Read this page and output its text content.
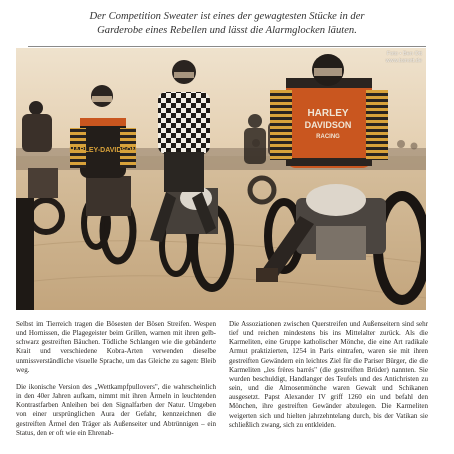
Der Competition Sweater ist eines der gewagtesten Stücke in der
Garderobe eines Rebellen und lässt die Alarmglocken läuten.

HARLEY-DAVIDSON
HARLEY
DAVIDSON
RACING
Foto • Ben Ott
www.bsnott.de

Selbst im Tierreich tragen die Bösesten der Bösen Streifen. Wespen und Hornissen, die Plagegeister beim Grillen, warnen mit ihren gelb-schwarz gestreiften Bäuchen. Tödliche Schlangen wie die gebänderte Krait und verschiedene Kobra-Arten verwenden dieselbe unmissverständliche visuelle Sprache, um das Gleiche zu sagen: Bleib weg.

Die ikonische Version des „Wettkampfpullovers", die wahrscheinlich in den 40er Jahren aufkam, nimmt mit ihren Ärmeln in leuchtenden Kontrastfarben Anleihen bei den Signalfarben der Natur. Umgeben von einer ursprünglichen Aura der Gefahr, kennzeichnen die gestreiften Ärmel den Träger als Außenseiter und Abtrünnigen – ein Status, den er oft wie ein Ehrenab-

Die Assoziationen zwischen Querstreifen und Außenseitern sind sehr tief und reichen mindestens bis ins Mittelalter zurück. Als die Karmeliten, eine Gruppe katholischer Mönche, die eine Art radikale Armut praktizierten, 1254 in Paris eintrafen, waren sie mit ihren gestreiften Gewändern ein leichtes Ziel für die Pariser Bürger, die die Karmeliten „les frères barrés" (die gestreiften Brüder) nannten. Sie wurden beschuldigt, Handlanger des Teufels und des Antichristen zu sein, und die Almosenmönche waren Gewalt und Schikanen ausgesetzt. Papst Alexander IV griff 1260 ein und befahl den Mönchen, ihre gestreiften Gewänder abzulegen. Die Karmeliten weigerten sich und hielten jahrzehntelang durch, bis der Vatikan sie schließlich zwang, sich zu entkleiden.
